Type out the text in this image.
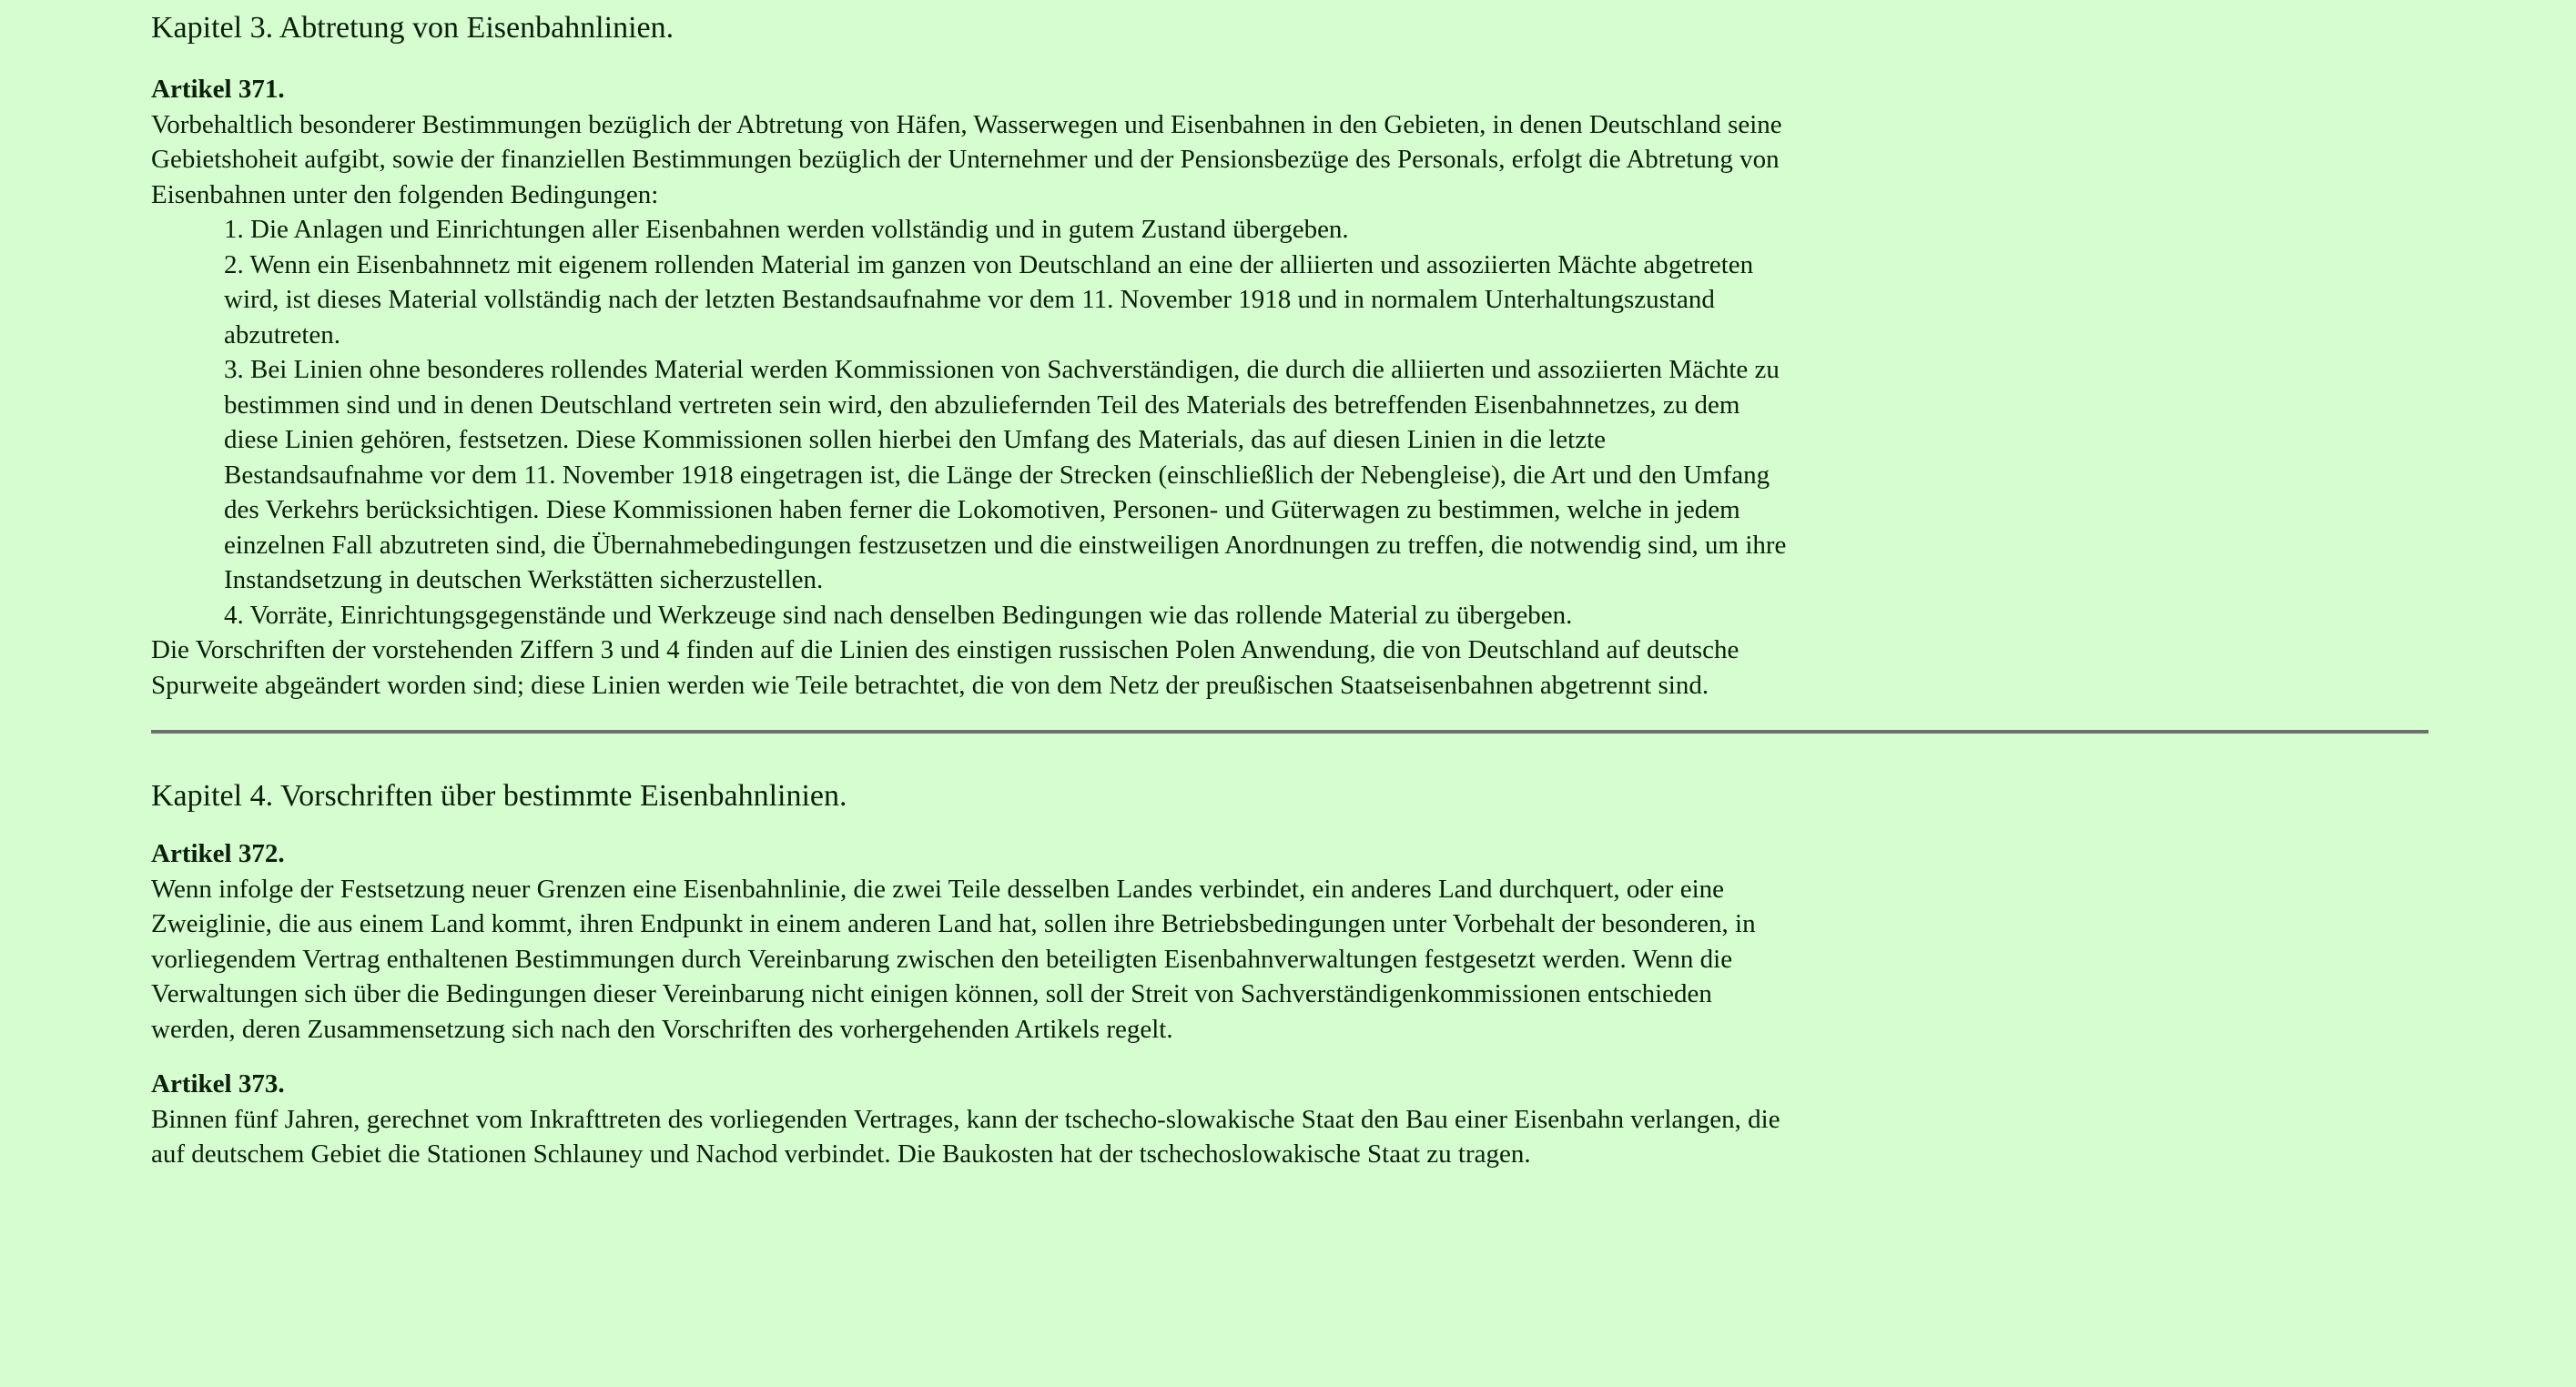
Kapitel 3. Abtretung von Eisenbahnlinien.
Artikel 371.

Vorbehaltlich besonderer Bestimmungen bezüglich der Abtretung von Häfen, Wasserwegen und Eisenbahnen in den Gebieten, in denen Deutschland seine Gebietshoheit aufgibt, sowie der finanziellen Bestimmungen bezüglich der Unternehmer und der Pensionsbezüge des Personals, erfolgt die Abtretung von Eisenbahnen unter den folgenden Bedingungen:

1. Die Anlagen und Einrichtungen aller Eisenbahnen werden vollständig und in gutem Zustand übergeben.
2. Wenn ein Eisenbahnnetz mit eigenem rollenden Material im ganzen von Deutschland an eine der alliierten und assoziierten Mächte abgetreten wird, ist dieses Material vollständig nach der letzten Bestandsaufnahme vor dem 11. November 1918 und in normalem Unterhaltungszustand abzutreten.
3. Bei Linien ohne besonderes rollendes Material werden Kommissionen von Sachverständigen, die durch die alliierten und assoziierten Mächte zu bestimmen sind und in denen Deutschland vertreten sein wird, den abzuliefernden Teil des Materials des betreffenden Eisenbahnnetzes, zu dem diese Linien gehören, festsetzen. Diese Kommissionen sollen hierbei den Umfang des Materials, das auf diesen Linien in die letzte Bestandsaufnahme vor dem 11. November 1918 eingetragen ist, die Länge der Strecken (einschließlich der Nebengleise), die Art und den Umfang des Verkehrs berücksichtigen. Diese Kommissionen haben ferner die Lokomotiven, Personen- und Güterwagen zu bestimmen, welche in jedem einzelnen Fall abzutreten sind, die Übernahmebedingungen festzusetzen und die einstweiligen Anordnungen zu treffen, die notwendig sind, um ihre Instandsetzung in deutschen Werkstätten sicherzustellen.
4. Vorräte, Einrichtungsgegenstände und Werkzeuge sind nach denselben Bedingungen wie das rollende Material zu übergeben.

Die Vorschriften der vorstehenden Ziffern 3 und 4 finden auf die Linien des einstigen russischen Polen Anwendung, die von Deutschland auf deutsche Spurweite abgeändert worden sind; diese Linien werden wie Teile betrachtet, die von dem Netz der preußischen Staatseisenbahnen abgetrennt sind.

Kapitel 4. Vorschriften über bestimmte Eisenbahnlinien.
Artikel 372.

Wenn infolge der Festsetzung neuer Grenzen eine Eisenbahnlinie, die zwei Teile desselben Landes verbindet, ein anderes Land durchquert, oder eine Zweiglinie, die aus einem Land kommt, ihren Endpunkt in einem anderen Land hat, sollen ihre Betriebsbedingungen unter Vorbehalt der besonderen, in vorliegendem Vertrag enthaltenen Bestimmungen durch Vereinbarung zwischen den beteiligten Eisenbahnverwaltungen festgesetzt werden. Wenn die Verwaltungen sich über die Bedingungen dieser Vereinbarung nicht einigen können, soll der Streit von Sachverständigenkommissionen entschieden werden, deren Zusammensetzung sich nach den Vorschriften des vorhergehenden Artikels regelt.

Artikel 373.

Binnen fünf Jahren, gerechnet vom Inkrafttreten des vorliegenden Vertrages, kann der tschecho-slowakische Staat den Bau einer Eisenbahn verlangen, die auf deutschem Gebiet die Stationen Schlauney und Nachod verbindet. Die Baukosten hat der tschechoslowakische Staat zu tragen.
